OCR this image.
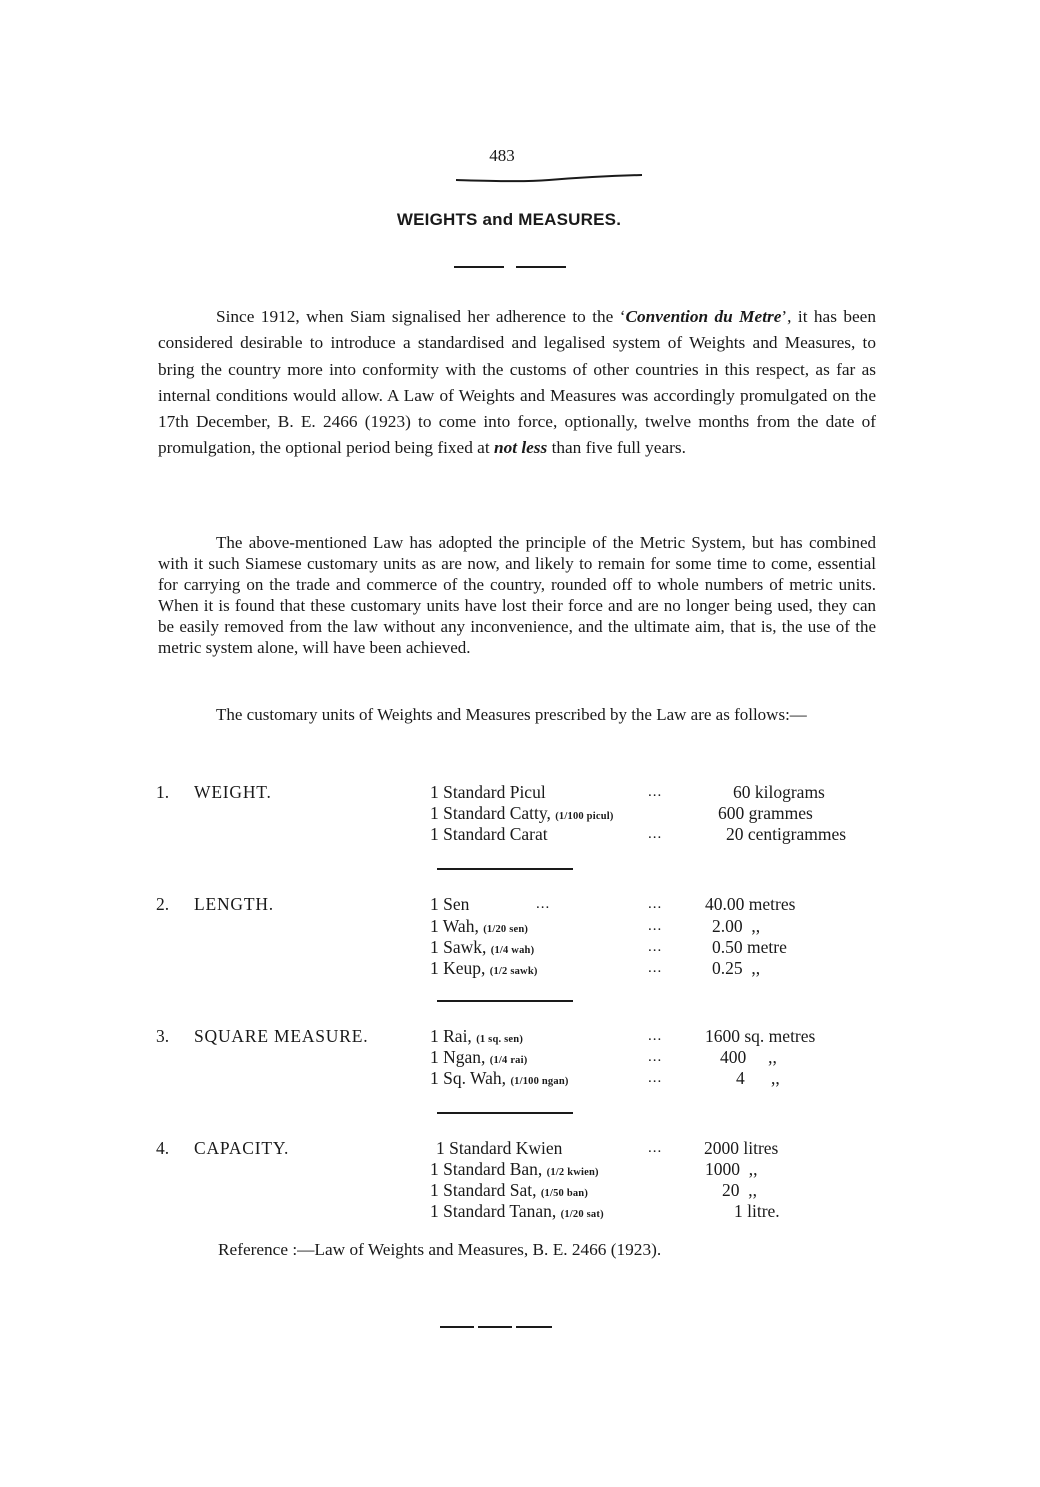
483
WEIGHTS and MEASURES.

Since 1912, when Siam signalised her adherence to the ‘Convention du Metre’, it has been considered desirable to introduce a standardised and legalised system of Weights and Measures, to bring the country more into conformity with the customs of other countries in this respect, as far as internal conditions would allow. A Law of Weights and Measures was accordingly promulgated on the 17th December, B. E. 2466 (1923) to come into force, optionally, twelve months from the date of promulgation, the optional period being fixed at not less than five full years.

The above-mentioned Law has adopted the principle of the Metric System, but has combined with it such Siamese customary units as are now, and likely to remain for some time to come, essential for carrying on the trade and commerce of the country, rounded off to whole numbers of metric units. When it is found that these customary units have lost their force and are no longer being used, they can be easily removed from the law without any inconvenience, and the ultimate aim, that is, the use of the metric system alone, will have been achieved.

The customary units of Weights and Measures prescribed by the Law are as follows:—

1. WEIGHT.	1 Standard Picul	...	60 kilograms
1 Standard Catty, (1/100 picul)	600 grammes
1 Standard Carat	...	20 centigrammes
2. LENGTH.	1 Sen	...	... 40.00 metres
1 Wah, (1/20 sen)	...	2.00  ,,
1 Sawk, (1/4 wah)	...	0.50 metre
1 Keup, (1/2 sawk)	...	0.25  ,,
3. SQUARE MEASURE.	1 Rai, (1 sq. sen)	... 1600 sq. metres
1 Ngan, (1/4 rai)	...	400     ,,
1 Sq. Wah, (1/100 ngan)	...	4      ,,
4. CAPACITY.	1 Standard Kwien	... 2000 litres
1 Standard Ban, (1/2 kwien)	1000  ,,
1 Standard Sat, (1/50 ban)	20  ,,
1 Standard Tanan, (1/20 sat)	1 litre.
Reference :—Law of Weights and Measures, B. E. 2466 (1923).
